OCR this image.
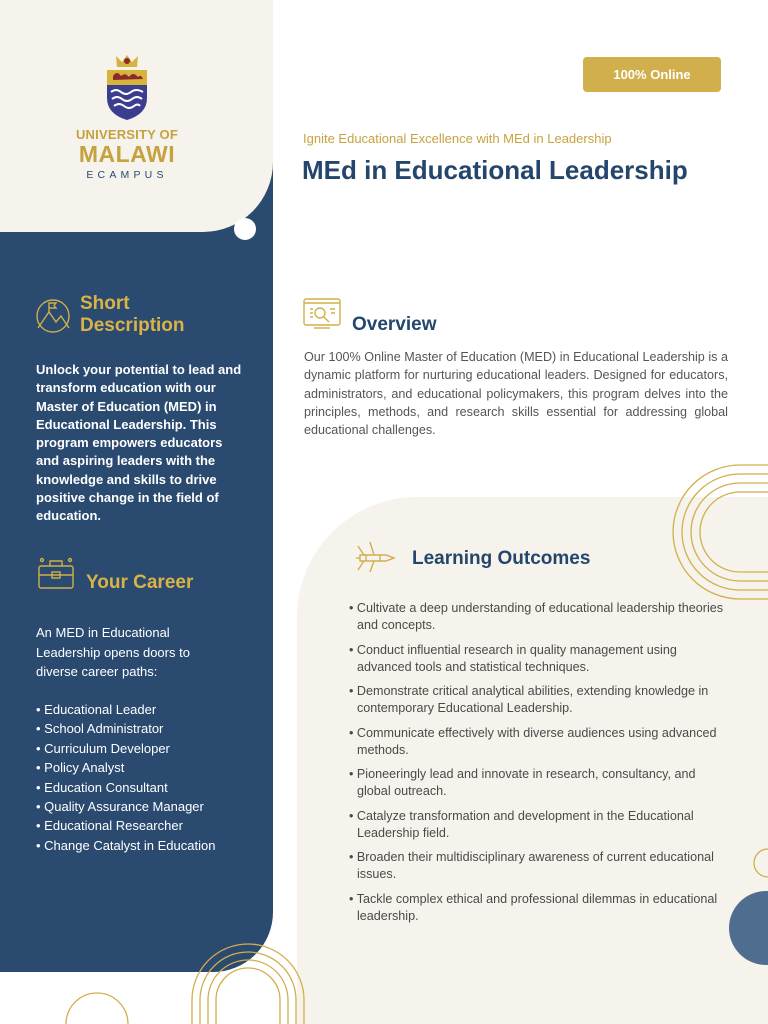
UNIVERSITY OF
MALAWI
ECAMPUS
Short
Description

Unlock your potential to lead and transform education with our Master of Education (MED) in Educational Leadership. This program empowers educators and aspiring leaders with the knowledge and skills to drive positive change in the field of education.

Your Career

An MED in Educational Leadership opens doors to diverse career paths:

• Educational Leader
• School Administrator
• Curriculum Developer
• Policy Analyst
• Education Consultant
• Quality Assurance Manager
• Educational Researcher
• Change Catalyst in Education
100% Online
Ignite Educational Excellence with MEd in Leadership
MEd in Educational Leadership
Overview

Our 100% Online Master of Education (MED) in Educational Leadership is a dynamic platform for nurturing educational leaders. Designed for educators, administrators, and educational policymakers, this program delves into the principles, methods, and research skills essential for addressing global educational challenges.

Learning Outcomes
• Cultivate a deep understanding of educational leadership theories and concepts.
• Conduct influential research in quality management using advanced tools and statistical techniques.
• Demonstrate critical analytical abilities, extending knowledge in contemporary Educational Leadership.
• Communicate effectively with diverse audiences using advanced methods.
• Pioneeringly lead and innovate in research, consultancy, and global outreach.
• Catalyze transformation and development in the Educational Leadership field.
• Broaden their multidisciplinary awareness of current educational issues.
• Tackle complex ethical and professional dilemmas in educational leadership.
